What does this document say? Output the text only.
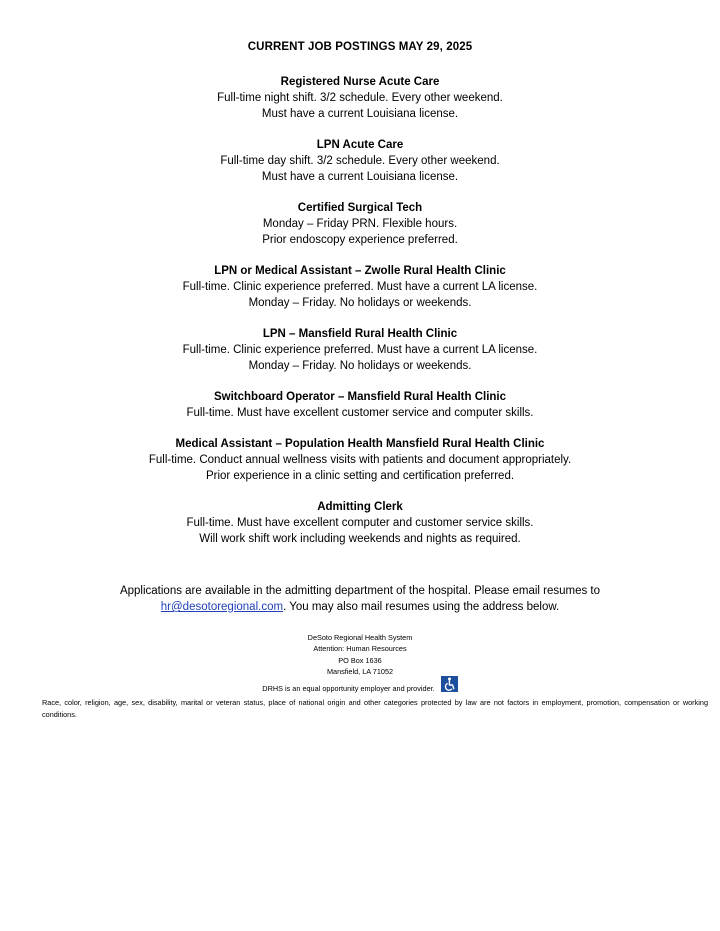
CURRENT JOB POSTINGS MAY 29, 2025
Registered Nurse Acute Care
Full-time night shift. 3/2 schedule. Every other weekend.
Must have a current Louisiana license.
LPN Acute Care
Full-time day shift. 3/2 schedule. Every other weekend.
Must have a current Louisiana license.
Certified Surgical Tech
Monday – Friday PRN. Flexible hours.
Prior endoscopy experience preferred.
LPN or Medical Assistant – Zwolle Rural Health Clinic
Full-time. Clinic experience preferred. Must have a current LA license.
Monday – Friday. No holidays or weekends.
LPN – Mansfield Rural Health Clinic
Full-time. Clinic experience preferred. Must have a current LA license.
Monday – Friday. No holidays or weekends.
Switchboard Operator – Mansfield Rural Health Clinic
Full-time. Must have excellent customer service and computer skills.
Medical Assistant – Population Health Mansfield Rural Health Clinic
Full-time. Conduct annual wellness visits with patients and document appropriately.
Prior experience in a clinic setting and certification preferred.
Admitting Clerk
Full-time. Must have excellent computer and customer service skills.
Will work shift work including weekends and nights as required.
Applications are available in the admitting department of the hospital. Please email resumes to
hr@desotoregional.com. You may also mail resumes using the address below.
DeSoto Regional Health System
Attention: Human Resources
PO Box 1636
Mansfield, LA 71052
DRHS is an equal opportunity employer and provider.
Race, color, religion, age, sex, disability, marital or veteran status, place of national origin and other categories protected by law are not factors in employment, promotion, compensation or working conditions.
